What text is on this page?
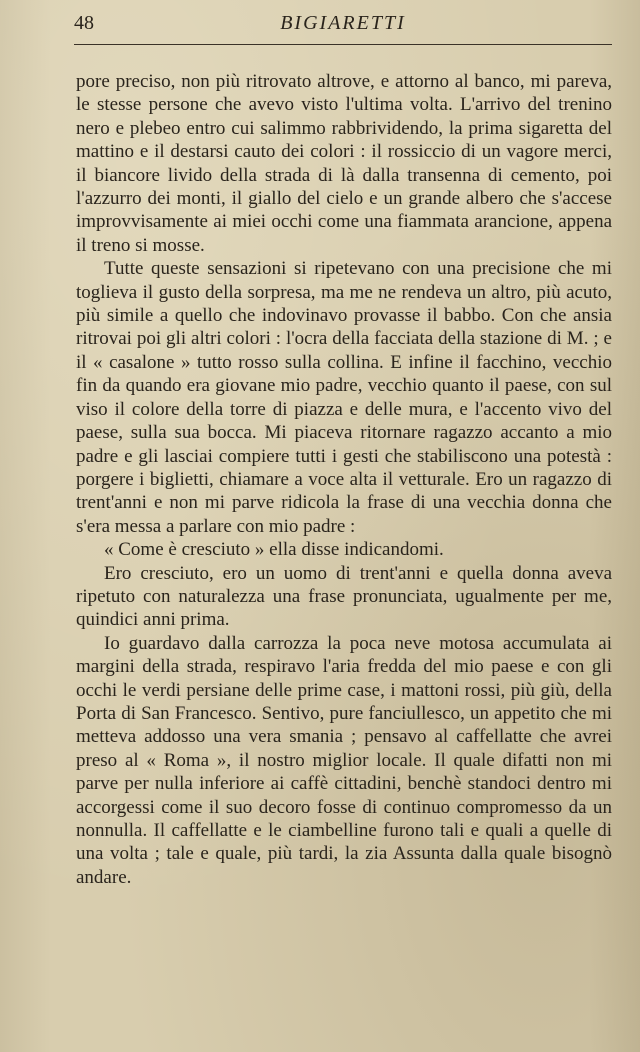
48	BIGIARETTI

pore preciso, non più ritrovato altrove, e attorno al banco, mi pareva, le stesse persone che avevo visto l'ultima volta. L'arrivo del trenino nero e plebeo entro cui salimmo rabbrividendo, la prima sigaretta del mattino e il destarsi cauto dei colori : il rossiccio di un vagore merci, il biancore livido della strada di là dalla transenna di cemento, poi l'azzurro dei monti, il giallo del cielo e un grande albero che s'accese improvvisamente ai miei occhi come una fiammata arancione, appena il treno si mosse.

Tutte queste sensazioni si ripetevano con una precisione che mi toglieva il gusto della sorpresa, ma me ne rendeva un altro, più acuto, più simile a quello che indovinavo provasse il babbo. Con che ansia ritrovai poi gli altri colori : l'ocra della facciata della stazione di M. ; e il « casalone » tutto rosso sulla collina. E infine il facchino, vecchio fin da quando era giovane mio padre, vecchio quanto il paese, con sul viso il colore della torre di piazza e delle mura, e l'accento vivo del paese, sulla sua bocca. Mi piaceva ritornare ragazzo accanto a mio padre e gli lasciai compiere tutti i gesti che stabiliscono una potestà : porgere i biglietti, chiamare a voce alta il vetturale. Ero un ragazzo di trent'anni e non mi parve ridicola la frase di una vecchia donna che s'era messa a parlare con mio padre :

« Come è cresciuto » ella disse indicandomi.

Ero cresciuto, ero un uomo di trent'anni e quella donna aveva ripetuto con naturalezza una frase pronunciata, ugualmente per me, quindici anni prima.

Io guardavo dalla carrozza la poca neve motosa accumulata ai margini della strada, respiravo l'aria fredda del mio paese e con gli occhi le verdi persiane delle prime case, i mattoni rossi, più giù, della Porta di San Francesco. Sentivo, pure fanciullesco, un appetito che mi metteva addosso una vera smania ; pensavo al caffellatte che avrei preso al « Roma », il nostro miglior locale. Il quale difatti non mi parve per nulla inferiore ai caffè cittadini, benchè standoci dentro mi accorgessi come il suo decoro fosse di continuo compromesso da un nonnulla. Il caffellatte e le ciambelline furono tali e quali a quelle di una volta ; tale e quale, più tardi, la zia Assunta dalla quale bisognò andare.
